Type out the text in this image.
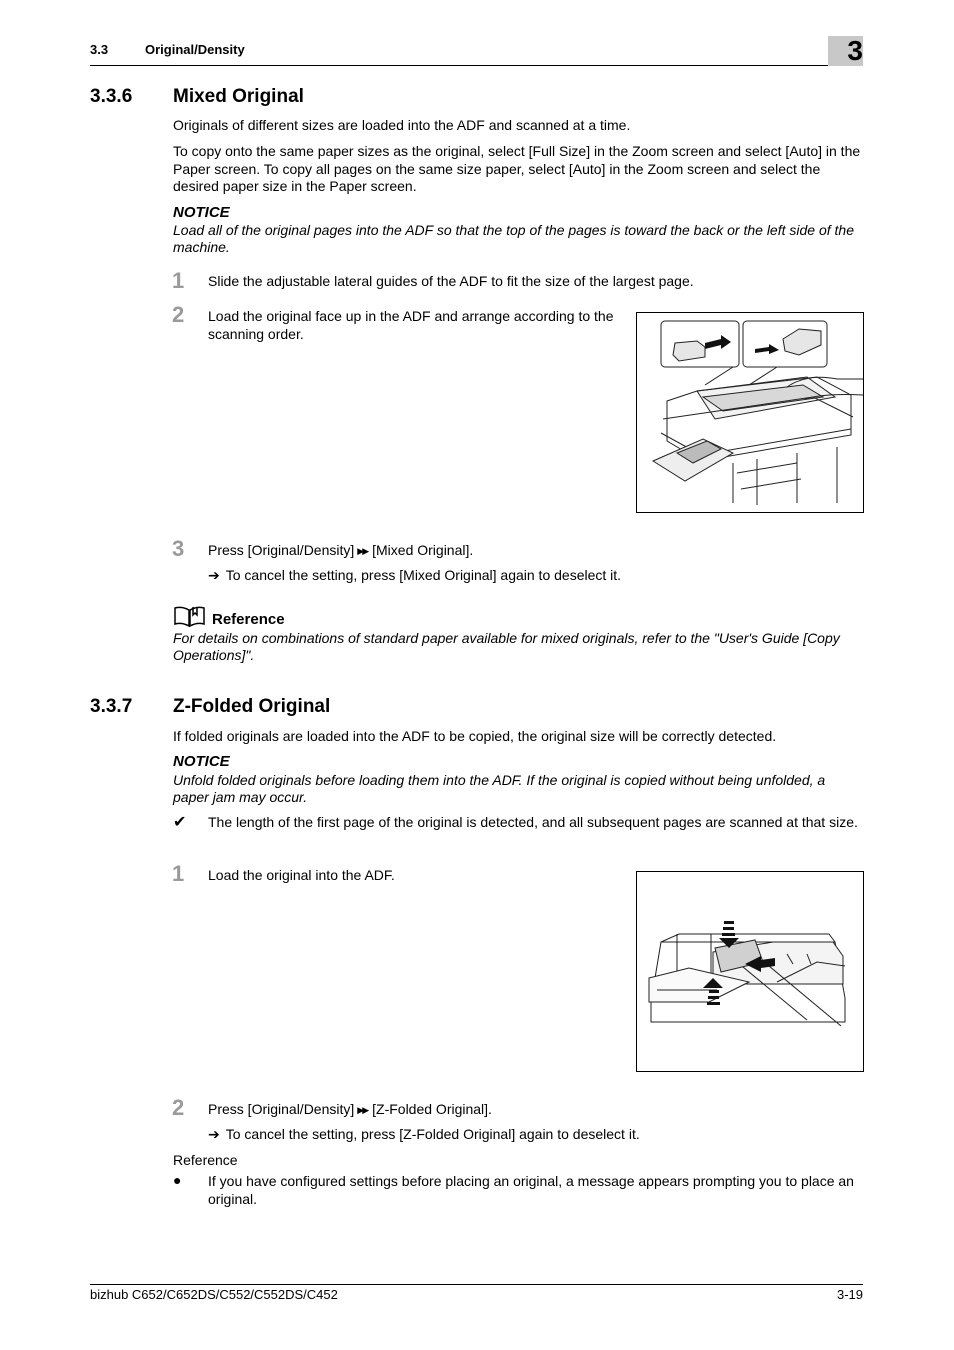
3.3	Original/Density	3
3.3.6 Mixed Original
Originals of different sizes are loaded into the ADF and scanned at a time.
To copy onto the same paper sizes as the original, select [Full Size] in the Zoom screen and select [Auto] in the Paper screen. To copy all pages on the same size paper, select [Auto] in the Zoom screen and select the desired paper size in the Paper screen.
NOTICE
Load all of the original pages into the ADF so that the top of the pages is toward the back or the left side of the machine.
1 Slide the adjustable lateral guides of the ADF to fit the size of the largest page.
2 Load the original face up in the ADF and arrange according to the scanning order.
3 Press [Original/Density] ▶▶ [Mixed Original].
➔ To cancel the setting, press [Mixed Original] again to deselect it.
Reference
For details on combinations of standard paper available for mixed originals, refer to the "User's Guide [Copy Operations]".
3.3.7 Z-Folded Original
If folded originals are loaded into the ADF to be copied, the original size will be correctly detected.
NOTICE
Unfold folded originals before loading them into the ADF. If the original is copied without being unfolded, a paper jam may occur.
✔ The length of the first page of the original is detected, and all subsequent pages are scanned at that size.
1 Load the original into the ADF.
2 Press [Original/Density] ▶▶ [Z-Folded Original].
➔ To cancel the setting, press [Z-Folded Original] again to deselect it.
Reference
● If you have configured settings before placing an original, a message appears prompting you to place an original.
bizhub C652/C652DS/C552/C552DS/C452	3-19
